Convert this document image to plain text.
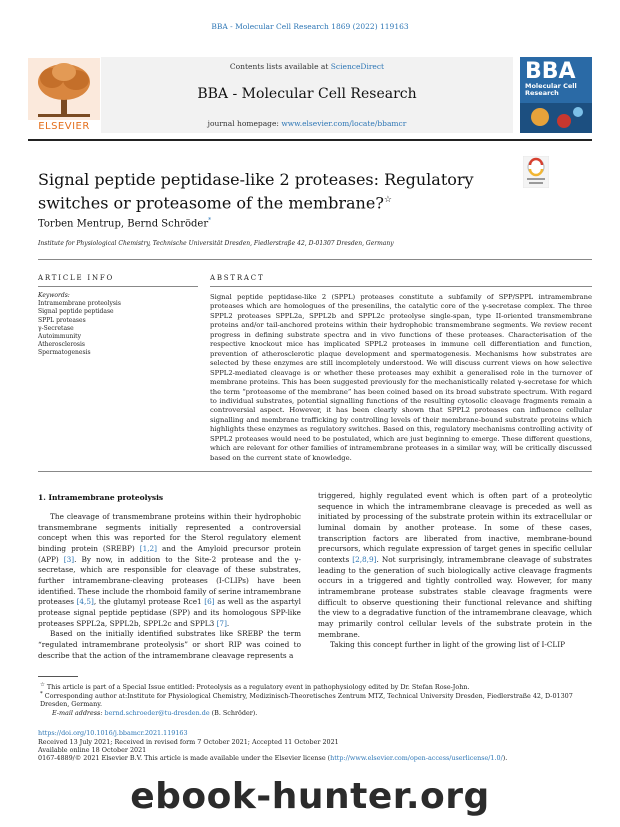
BBA - Molecular Cell Research 1869 (2022) 119163
ELSEVIER
Contents lists available at ScienceDirect
BBA - Molecular Cell Research
journal homepage: www.elsevier.com/locate/bbamcr
BBA
Molecular Cell Research
Signal peptide peptidase-like 2 proteases: Regulatory switches or proteasome of the membrane?☆
Torben Mentrup, Bernd Schröder*
Institute for Physiological Chemistry, Technische Universität Dresden, Fiedlerstraße 42, D-01307 Dresden, Germany
ARTICLE INFO	ABSTRACT
Keywords:
Intramembrane proteolysis
Signal peptide peptidase
SPPL proteases
γ-Secretase
Autoimmunity
Atherosclerosis
Spermatogenesis
Signal peptide peptidase-like 2 (SPPL) proteases constitute a subfamily of SPP/SPPL intramembrane proteases which are homologues of the presenilins, the catalytic core of the γ-secretase complex. The three SPPL2 proteases SPPL2a, SPPL2b and SPPL2c proteolyse single-span, type II-oriented transmembrane proteins and/or tail-anchored proteins within their hydrophobic transmembrane segments. We review recent progress in defining substrate spectra and in vivo functions of these proteases. Characterisation of the respective knockout mice has implicated SPPL2 proteases in immune cell differentiation and function, prevention of atherosclerotic plaque development and spermatogenesis. Mechanisms how substrates are selected by these enzymes are still incompletely understood. We will discuss current views on how selective SPPL2-mediated cleavage is or whether these proteases may exhibit a generalised role in the turnover of membrane proteins. This has been suggested previously for the mechanistically related γ-secretase for which the term “proteasome of the membrane” has been coined based on its broad substrate spectrum. With regard to individual substrates, potential signalling functions of the resulting cytosolic cleavage fragments remain a controversial aspect. However, it has been clearly shown that SPPL2 proteases can influence cellular signalling and membrane trafficking by controlling levels of their membrane-bound substrate proteins which highlights these enzymes as regulatory switches. Based on this, regulatory mechanisms controlling activity of SPPL2 proteases would need to be postulated, which are just beginning to emerge. These different questions, which are relevant for other families of intramembrane proteases in a similar way, will be critically discussed based on the current state of knowledge.
1. Intramembrane proteolysis

The cleavage of transmembrane proteins within their hydrophobic transmembrane segments initially represented a controversial concept when this was reported for the Sterol regulatory element binding protein (SREBP) [1,2] and the Amyloid precursor protein (APP) [3]. By now, in addition to the Site-2 protease and the γ-secretase, which are responsible for cleavage of these substrates, further intramembrane-cleaving proteases (I-CLIPs) have been identified. These include the rhomboid family of serine intramembrane proteases [4,5], the glutamyl protease Rce1 [6] as well as the aspartyl protease signal peptide peptidase (SPP) and its homologous SPP-like proteases SPPL2a, SPPL2b, SPPL2c and SPPL3 [7].

Based on the initially identified substrates like SREBP the term “regulated intramembrane proteolysis” or short RIP was coined to describe that the action of the intramembrane cleavage represents a

triggered, highly regulated event which is often part of a proteolytic sequence in which the intramembrane cleavage is preceded as well as initiated by processing of the substrate protein within its extracellular or luminal domain by another protease. In some of these cases, transcription factors are liberated from inactive, membrane-bound precursors, which regulate expression of target genes in specific cellular contexts [2,8,9]. Not surprisingly, intramembrane cleavage of substrates leading to the generation of such biologically active cleavage fragments occurs in a triggered and tightly controlled way. However, for many intramembrane protease substrates stable cleavage fragments were difficult to observe questioning their functional relevance and shifting the view to a degradative function of the intramembrane cleavage, which may primarily control cellular levels of the substrate protein in the membrane.

Taking this concept further in light of the growing list of I-CLIP

☆ This article is part of a Special Issue entitled: Proteolysis as a regulatory event in pathophysiology edited by Dr. Stefan Rose-John.
* Corresponding author at:Institute for Physiological Chemistry, Medizinisch-Theoretisches Zentrum MTZ, Technical University Dresden, Fiedlerstraße 42, D-01307 Dresden, Germany.
E-mail address: bernd.schroeder@tu-dresden.de (B. Schröder).
https://doi.org/10.1016/j.bbamcr.2021.119163
Received 13 July 2021; Received in revised form 7 October 2021; Accepted 11 October 2021
Available online 18 October 2021
0167-4889/© 2021 Elsevier B.V. This article is made available under the Elsevier license (http://www.elsevier.com/open-access/userlicense/1.0/).
ebook-hunter.org
